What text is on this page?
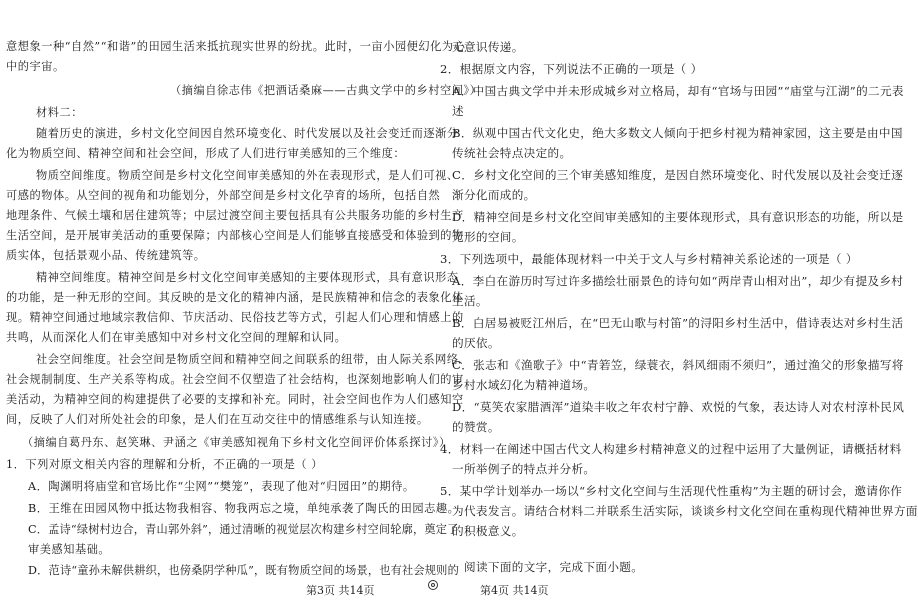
意想象一种“自然”“和谐”的田园生活来抵抗现实世界的纷扰。此时，一亩小园便幻化为心
中的宇宙。
（摘编自徐志伟《把酒话桑麻——古典文学中的乡村空间》）
材料二：
随着历史的演进，乡村文化空间因自然环境变化、时代发展以及社会变迁而逐渐分
化为物质空间、精神空间和社会空间，形成了人们进行审美感知的三个维度：
物质空间维度。物质空间是乡村文化空间审美感知的外在表现形式，是人们可视、
可感的物体。从空间的视角和功能划分，外部空间是乡村文化孕育的场所，包括自然
地理条件、气候土壤和居住建筑等；中层过渡空间主要包括具有公共服务功能的乡村生产
生活空间，是开展审美活动的重要保障；内部核心空间是人们能够直接感受和体验到的物
质实体，包括景观小品、传统建筑等。
精神空间维度。精神空间是乡村文化空间审美感知的主要体现形式，具有意识形态
的功能，是一种无形的空间。其反映的是文化的精神内涵，是民族精神和信念的表象化体
现。精神空间通过地域宗教信仰、节庆活动、民俗技艺等方式，引起人们心理和情感上的
共鸣，从而深化人们在审美感知中对乡村文化空间的理解和认同。
社会空间维度。社会空间是物质空间和精神空间之间联系的纽带，由人际关系网络、
社会规制制度、生产关系等构成。社会空间不仅塑造了社会结构，也深刻地影响人们的审
美活动，为精神空间的构建提供了必要的支撑和补充。同时，社会空间也作为人们感知空
间，反映了人们对所处社会的印象，是人们在互动交往中的情感维系与认知连接。
（摘编自葛丹东、赵笑琳、尹涵之《审美感知视角下乡村文化空间评价体系探讨》）
1．下列对原文相关内容的理解和分析，不正确的一项是（ ）
A．陶渊明将庙堂和官场比作“尘网”“樊笼”，表现了他对“归园田”的期待。
B．王维在田园风物中抵达物我相容、物我两忘之境，单纯承袭了陶氏的田园志趣。
C．孟诗“绿树村边合，青山郭外斜”，通过清晰的视觉层次构建乡村空间轮廓，奠定了
审美感知基础。
D．范诗“童孙未解供耕织，也傍桑阴学种瓜”，既有物质空间的场景，也有社会规则的
无意识传递。
2．根据原文内容，下列说法不正确的一项是（ ）
A．中国古典文学中并未形成城乡对立格局，却有“官场与田园”“庙堂与江湖”的二元表
述
B．纵观中国古代文化史，绝大多数文人倾向于把乡村视为精神家园，这主要是由中国
传统社会特点决定的。
C．乡村文化空间的三个审美感知维度，是因自然环境变化、时代发展以及社会变迁逐
渐分化而成的。
D．精神空间是乡村文化空间审美感知的主要体现形式，具有意识形态的功能，所以是
无形的空间。
3．下列选项中，最能体现材料一中关于文人与乡村精神关系论述的一项是（ ）
A．李白在游历时写过许多描绘壮丽景色的诗句如“两岸青山相对出”，却少有提及乡村
生活。
B．白居易被贬江州后，在“巴无山歌与村笛”的浔阳乡村生活中，借诗表达对乡村生活
的厌依。
C．张志和《渔歌子》中“青箬笠，绿蓑衣，斜风细雨不须归”，通过渔父的形象描写将
乡村水域幻化为精神道场。
D．“莫笑农家腊酒浑”道染丰收之年农村宁静、欢悦的气象，表达诗人对农村淳朴民风
的赞赏。
4．材料一在阐述中国古代文人构建乡村精神意义的过程中运用了大量例证，请概括材料
一所举例子的特点并分析。
5．某中学计划举办一场以“乡村文化空间与生活现代性重构”为主题的研讨会，邀请你作
为代表发言。请结合材料二并联系生活实际，谈谈乡村文化空间在重构现代精神世界方面
的积极意义。
阅读下面的文字，完成下面小题。
第3页 共14页	第4页 共14页
